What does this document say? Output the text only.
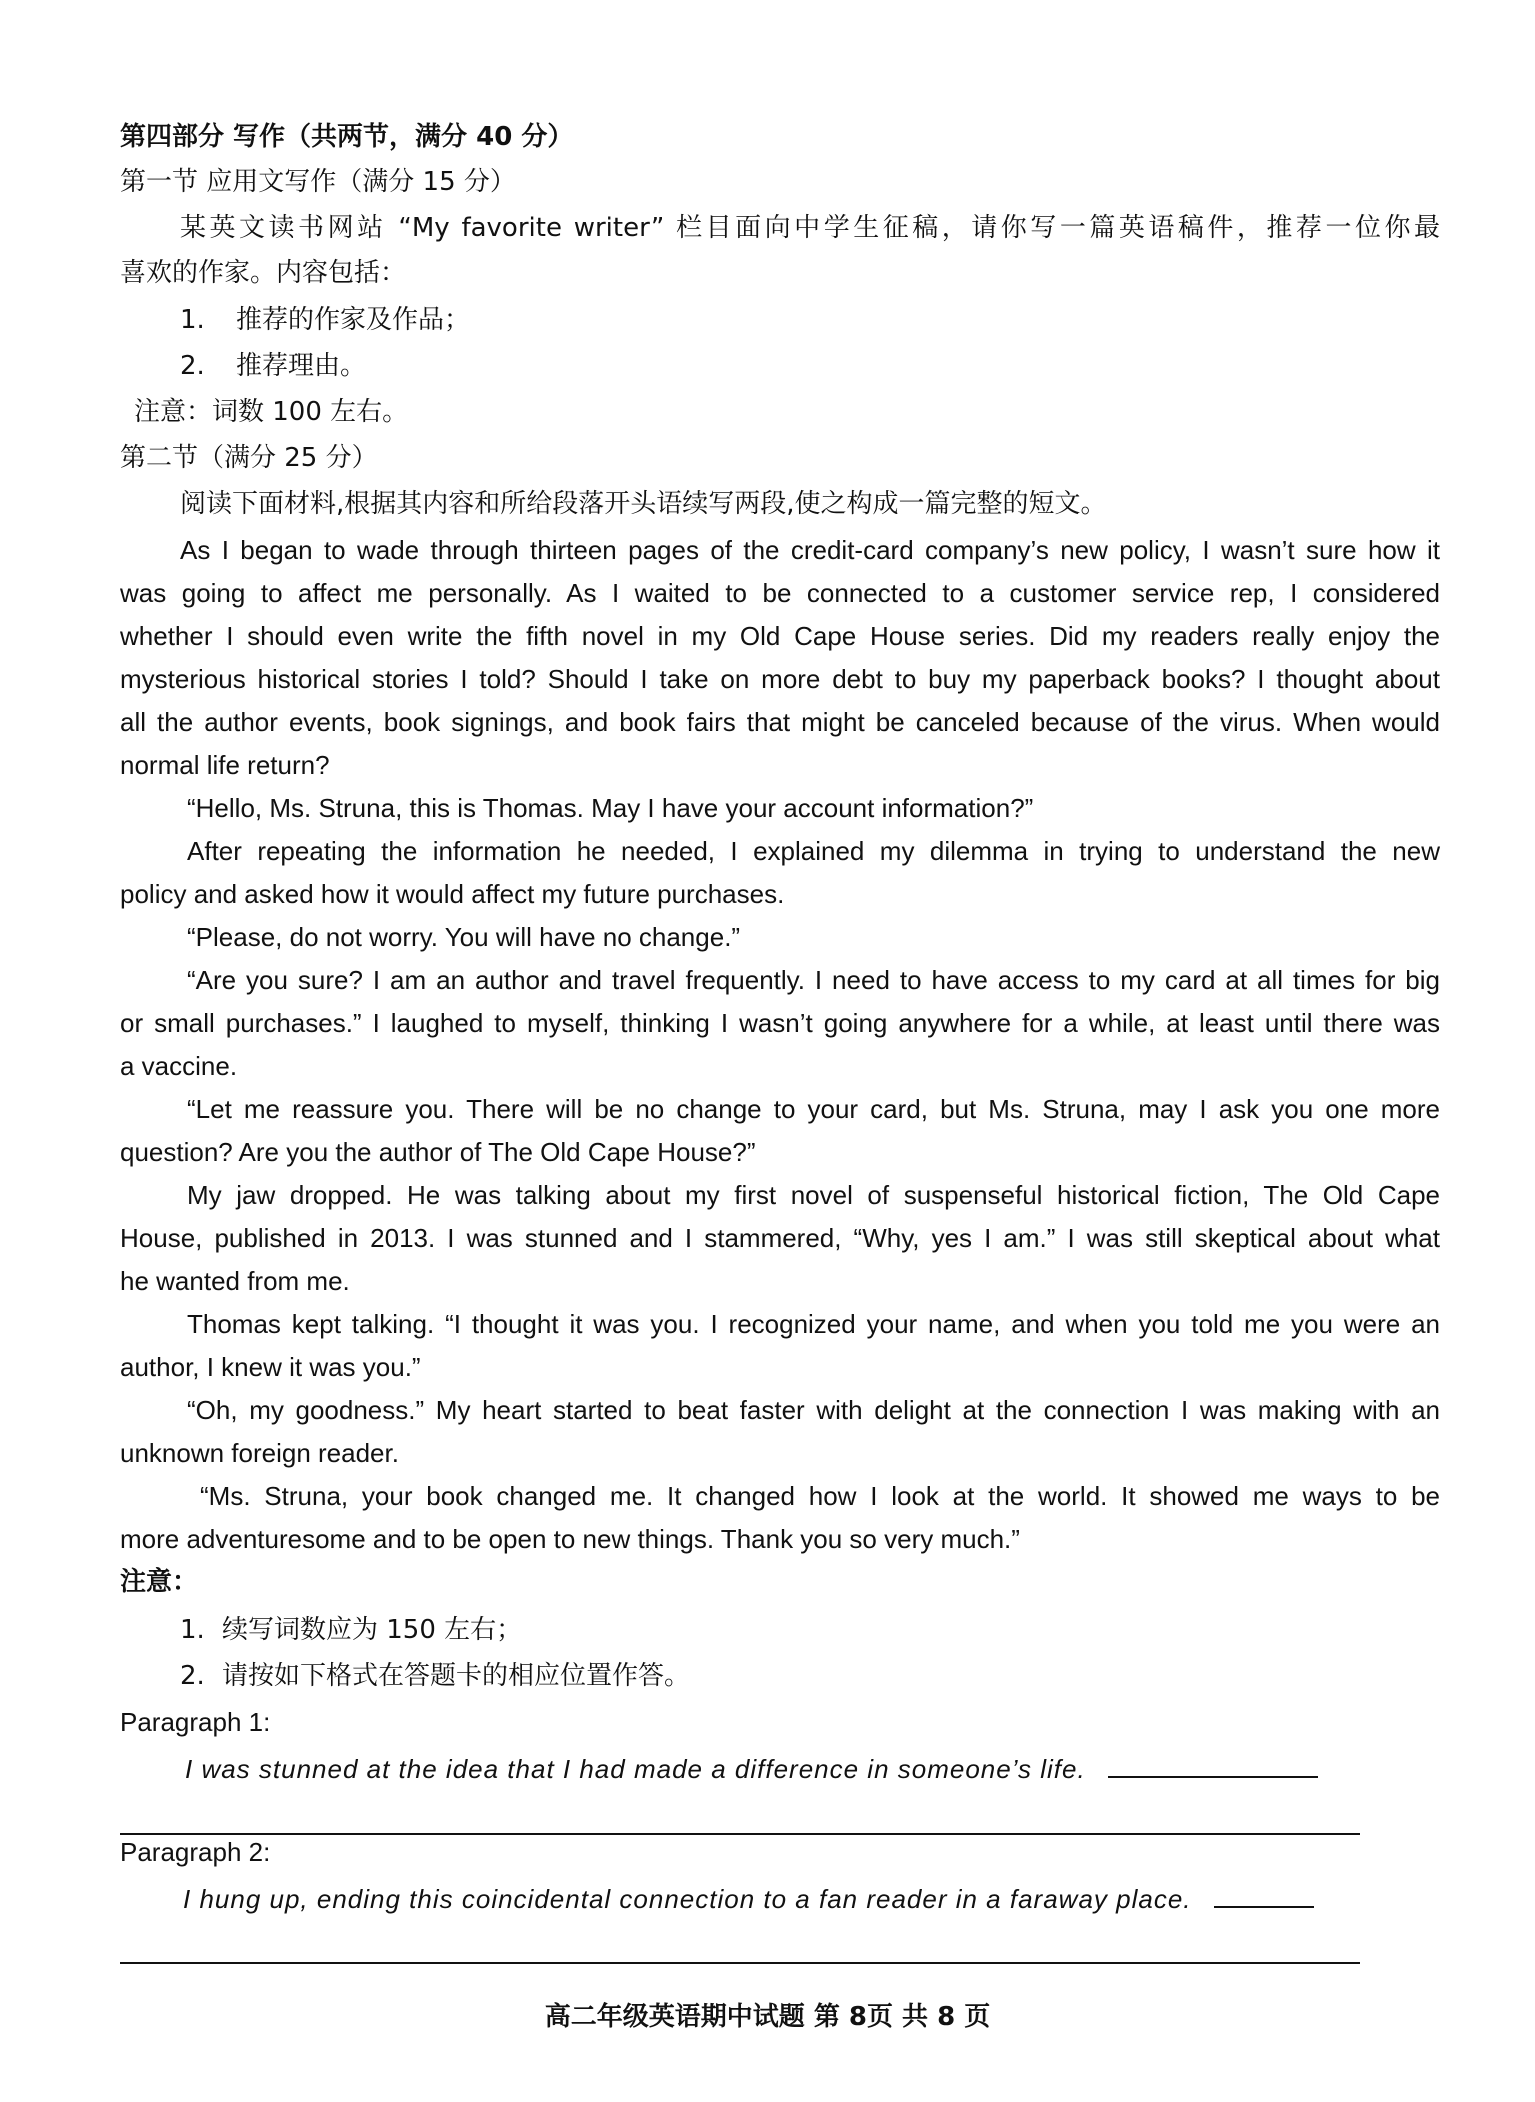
第四部分 写作（共两节，满分 40 分）
第一节 应用文写作（满分 15 分）
某英文读书网站 “My favorite writer” 栏目面向中学生征稿，请你写一篇英语稿件，推荐一位你最
喜欢的作家。内容包括：
1. 推荐的作家及作品；
2. 推荐理由。
注意：词数 100 左右。
第二节（满分 25 分）
阅读下面材料,根据其内容和所给段落开头语续写两段,使之构成一篇完整的短文。
As I began to wade through thirteen pages of the credit-card company’s new policy, I wasn’t sure how it
was going to affect me personally. As I waited to be connected to a customer service rep, I considered
whether I should even write the fifth novel in my Old Cape House series. Did my readers really enjoy the
mysterious historical stories I told? Should I take on more debt to buy my paperback books? I thought about
all the author events, book signings, and book fairs that might be canceled because of the virus. When would
normal life return?
“Hello, Ms. Struna, this is Thomas. May I have your account information?”
After repeating the information he needed, I explained my dilemma in trying to understand the new
policy and asked how it would affect my future purchases.
“Please, do not worry. You will have no change.”
“Are you sure? I am an author and travel frequently. I need to have access to my card at all times for big
or small purchases.” I laughed to myself, thinking I wasn’t going anywhere for a while, at least until there was
a vaccine.
“Let me reassure you. There will be no change to your card, but Ms. Struna, may I ask you one more
question? Are you the author of The Old Cape House?”
My jaw dropped. He was talking about my first novel of suspenseful historical fiction, The Old Cape
House, published in 2013. I was stunned and I stammered, “Why, yes I am.” I was still skeptical about what
he wanted from me.
Thomas kept talking. “I thought it was you. I recognized your name, and when you told me you were an
author, I knew it was you.”
“Oh, my goodness.” My heart started to beat faster with delight at the connection I was making with an
unknown foreign reader.
“Ms. Struna, your book changed me. It changed how I look at the world. It showed me ways to be
more adventuresome and to be open to new things. Thank you so very much.”
注意：
1. 续写词数应为 150 左右；
2. 请按如下格式在答题卡的相应位置作答。
Paragraph 1:
I was stunned at the idea that I had made a difference in someone’s life.
Paragraph 2:
I hung up, ending this coincidental connection to a fan reader in a faraway place.
高二年级英语期中试题 第 8页 共 8 页
